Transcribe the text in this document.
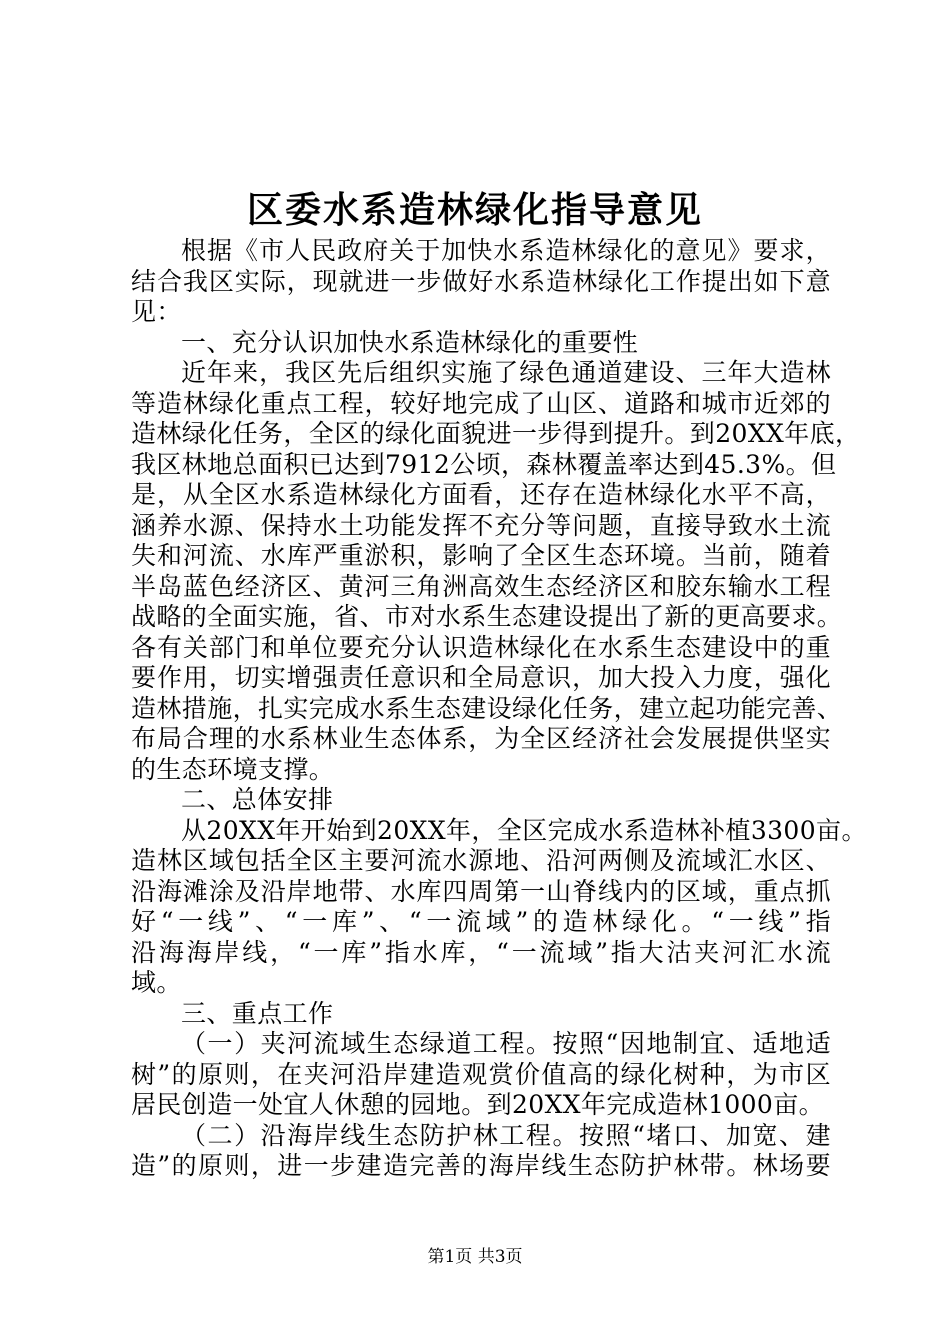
区委水系造林绿化指导意见
根据《市人民政府关于加快水系造林绿化的意见》要求，
结合我区实际，现就进一步做好水系造林绿化工作提出如下意
见：
一、充分认识加快水系造林绿化的重要性
近年来，我区先后组织实施了绿色通道建设、三年大造林
等造林绿化重点工程，较好地完成了山区、道路和城市近郊的
造林绿化任务，全区的绿化面貌进一步得到提升。到20XX年底，
我区林地总面积已达到7912公顷，森林覆盖率达到45.3%。但
是，从全区水系造林绿化方面看，还存在造林绿化水平不高，
涵养水源、保持水土功能发挥不充分等问题，直接导致水土流
失和河流、水库严重淤积，影响了全区生态环境。当前，随着
半岛蓝色经济区、黄河三角洲高效生态经济区和胶东输水工程
战略的全面实施，省、市对水系生态建设提出了新的更高要求。
各有关部门和单位要充分认识造林绿化在水系生态建设中的重
要作用，切实增强责任意识和全局意识，加大投入力度，强化
造林措施，扎实完成水系生态建设绿化任务，建立起功能完善、
布局合理的水系林业生态体系，为全区经济社会发展提供坚实
的生态环境支撑。
二、总体安排
从20XX年开始到20XX年，全区完成水系造林补植3300亩。
造林区域包括全区主要河流水源地、沿河两侧及流域汇水区、
沿海滩涂及沿岸地带、水库四周第一山脊线内的区域，重点抓
好“一线”、“一库”、“一流域”的造林绿化。“一线”指
沿海海岸线，“一库”指水库，“一流域”指大沽夹河汇水流
域。
三、重点工作
（一）夹河流域生态绿道工程。按照“因地制宜、适地适
树”的原则，在夹河沿岸建造观赏价值高的绿化树种，为市区
居民创造一处宜人休憩的园地。到20XX年完成造林1000亩。
（二）沿海岸线生态防护林工程。按照“堵口、加宽、建
造”的原则，进一步建造完善的海岸线生态防护林带。林场要
第1页 共3页
